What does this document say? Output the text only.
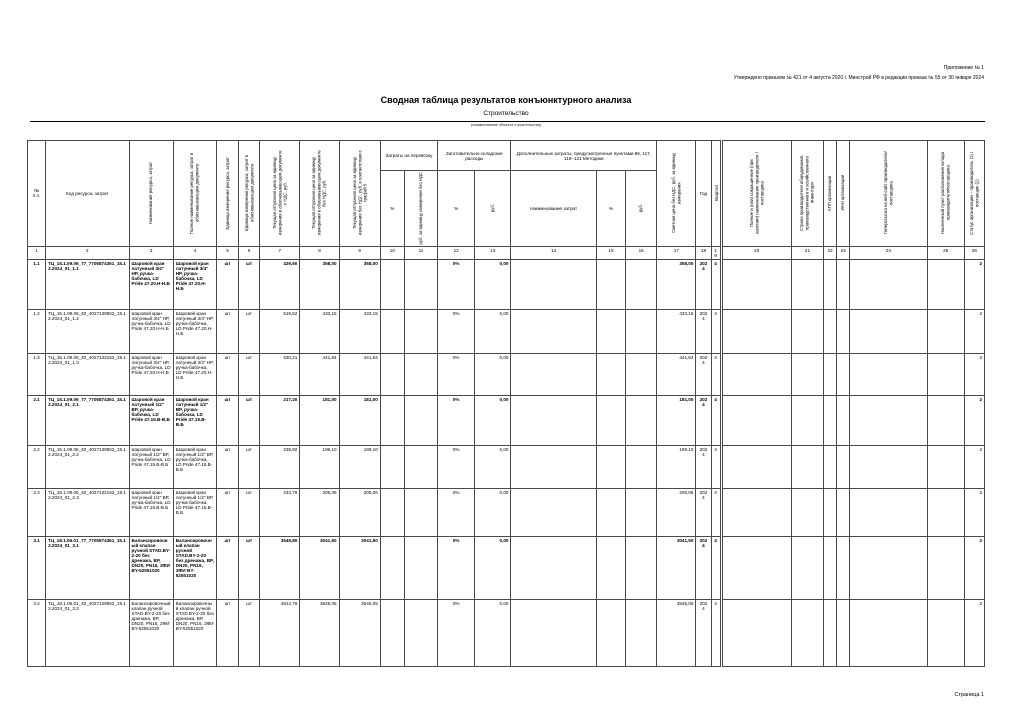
Приложение № 1
Утверждено приказом № 421 от 4 августа 2020 г. Минстрой РФ в редакции приказа № 55 от 30 января 2024
Сводная таблица результатов конъюнктурного анализа
Строительство
(наименование объекта строительства)
№ п.п.	Код ресурса, затрат	Наименование ресурса, затрат	Полное наименование ресурса, затрат в обосновывающем документе	Единица измерения ресурса, затрат	Единица измерения ресурса, затрат в обосновывающем документе	Текущая отпускная цена за единицу измерения в обосновывающем документе с НДС, руб.	Текущая отпускная цена за единицу измерения в обосновывающем документе без НДС, руб.	Текущая отпускная цена за единицу измерения без НДС, руб. в соответствии с графой 5	Затраты на перевозку		Заготовительно-складские расходы		Дополнительные затраты, предусмотренные пунктами 86, 117, 119–121 Методики			Сметная цена без НДС, руб. за единицу измерения	Год	Квартал	Полное и (или) сокращенное (при наличии) наименование производителя / поставщика	Страна производителя оборудования, производственного и хозяйственного инвентаря	КПП организации	ИНН организации	Гиперссылка на веб-сайт производителя/поставщика	Населенный пункт расположения склада производителя/поставщика	Статус организации – производитель (1) / поставщик (2)

									%	руб. за единицу измерения без НДС	%	руб.	Наименование затрат	%	руб.										

1	2	3	4	5	6	7	8	9	10	11	12	13	14	15	16	17	18	19	20	21	22	23	24	25	26
1.1	ТЦ_15.1.09.06_77_7705874361_15.12.2024_01_1.1	Шаровой кран латунный 3/4" НР, ручка-бабочка, LD Pride 47.20.Н-Н.Б	Шаровой кран латунный 3/4" НР, ручка-бабочка, LD Pride 47.20.Н-Н.Б	шт	шт	429,60	358,00	358,00			0%	0,00				358,00	2024	4							2
1.2	ТЦ_15.1.09.06_40_4027139952_19.12.2024_01_1.2	Шаровой кран латунный 3/4" НР, ручка-бабочка, LD Pride 47.20.Н-Н.Б	Шаровой кран латунный 3/4" НР, ручка-бабочка, LD Pride 47.20.Н-Н.Б	шт	шт	519,52	433,15	433,15			0%	0,00				433,15	2024	4							2
1.3	ТЦ_15.1.09.06_40_4027132153_19.12.2024_01_1.3	Шаровой кран латунный 3/4" НР, ручка-бабочка, LD Pride 47.20.Н-Н.Б	Шаровой кран латунный 3/4" НР, ручка-бабочка, LD Pride 47.20.Н-Н.Б	шт	шт	530,21	441,84	441,84			0%	0,00				441,84	2024	4							2
2.1	ТЦ_15.1.09.06_77_7705874361_15.12.2024_01_2.1	Шаровой кран латунный 1/2" ВР, ручка-бабочка, LD Pride 47.15.В-В.Б	Шаровой кран латунный 1/2" ВР, ручка-бабочка, LD Pride 47.15.В-В.Б	шт	шт	217,20	181,00	181,00			0%	0,00				181,00	2024	4							2
2.2	ТЦ_15.1.09.06_40_4027139952_19.12.2024_01_2.2	Шаровой кран латунный 1/2" ВР, ручка-бабочка, LD Pride 47.15.В-В.Б	Шаровой кран латунный 1/2" ВР, ручка-бабочка, LD Pride 47.15.В-В.Б	шт	шт	238,92	199,10	199,10			0%	0,00				199,10	2024	4							2
2.3	ТЦ_15.1.09.06_40_4027132153_19.12.2024_01_2.3	Шаровой кран латунный 1/2" ВР, ручка-бабочка, LD Pride 47.15.В-В.Б	Шаровой кран латунный 1/2" ВР, ручка-бабочка, LD Pride 47.15.В-В.Б	шт	шт	243,79	205,06	205,06			0%	0,00				205,06	2024	4							2
3.1	ТЦ_18.1.06.01_77_7705874361_15.12.2024_01_3.1	Балансировочный клапан ручной STAD.BY-2-20 без дренажа, ВР, DN20, PN16, ЗФИ BY-52551020	Балансировочный клапан ручной STAD.BY-2-20 без дренажа, ВР, DN20, PN16, ЗФИ BY-52551020	шт	шт	3649,80	3041,50	3041,50			0%	0,00				3041,50	2024	4							2
3.2	ТЦ_18.1.06.01_40_4027139952_19.12.2024_01_3.2	Балансировочный клапан ручной STAD.BY-2-20 без дренажа, ВР, DN20, PN16, ЗФИ BY-52551020	Балансировочный клапан ручной STAD.BY-2-20 без дренажа, ВР, DN20, PN16, ЗФИ BY-52551020	шт	шт	4814,76	3545,05	3545,05			0%	0,00				3545,05	2024	4							2
Страница 1
